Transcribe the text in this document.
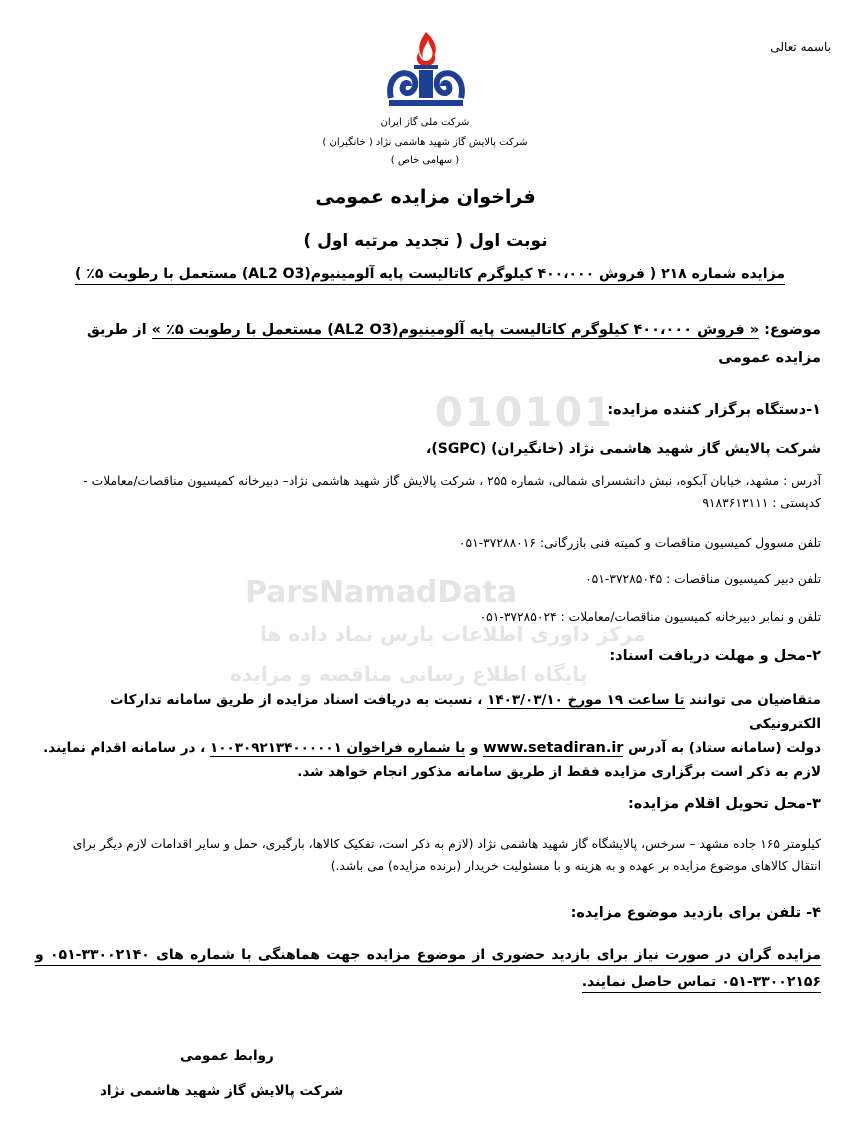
010101
ParsNamadData
مرکز داوری اطلاعات پارس نماد داده ها
پایگاه اطلاع رسانی مناقصه و مزایده
باسمه تعالی
شرکت ملی گاز ایران
شرکت پالایش گاز شهید هاشمی نژاد ( خانگیران )
( سهامی خاص )
فراخوان مزایده عمومی
نوبت اول ( تجدید مرتبه اول )
مزایده شماره ۲۱۸ ( فروش ۴۰۰،۰۰۰ کیلوگرم کاتالیست پایه آلومینیوم(AL2 O3) مستعمل با رطوبت ۵٪ )
موضوع: « فروش ۴۰۰،۰۰۰ کیلوگرم کاتالیست پایه آلومینیوم(AL2 O3) مستعمل با رطوبت ۵٪ » از طریق مزایده عمومی
۱-دستگاه برگزار کننده مزایده:
شرکت پالایش گاز شهید هاشمی نژاد (خانگیران) (SGPC)،
آدرس : مشهد، خیابان آبکوه، نبش دانشسرای شمالی، شماره ۲۵۵ ، شرکت پالایش گاز شهید هاشمی نژاد– دبیرخانه کمیسیون مناقصات/معاملات - کدپستی : ۹۱۸۳۶۱۳۱۱۱
تلفن مسوول کمیسیون مناقصات و کمیته فنی بازرگانی: ۳۷۲۸۸۰۱۶-۰۵۱
تلفن دبیر کمیسیون مناقصات : ۳۷۲۸۵۰۴۵-۰۵۱
تلفن و نمابر دبیرخانه کمیسیون مناقصات/معاملات : ۳۷۲۸۵۰۲۴-۰۵۱
۲-محل و مهلت دریافت اسناد:
متقاضیان می توانند تا ساعت ۱۹ مورخ ۱۴۰۳/۰۳/۱۰ ، نسبت به دریافت اسناد مزایده از طریق سامانه تدارکات الکترونیکی
دولت (سامانه ستاد) به آدرس www.setadiran.ir و با شماره فراخوان ۱۰۰۳۰۹۲۱۳۴۰۰۰۰۰۱ ، در سامانه اقدام نمایند.
لازم به ذکر است برگزاری مزایده فقط از طریق سامانه مذکور انجام خواهد شد.
۳-محل تحویل اقلام مزایده:
کیلومتر ۱۶۵ جاده مشهد – سرخس، پالایشگاه گاز شهید هاشمی نژاد (لازم به ذکر است، تفکیک کالاها، بارگیری، حمل و سایر اقدامات لازم دیگر برای انتقال کالاهای موضوع مزایده بر عهده و به هزینه و با مسئولیت خریدار (برنده مزایده) می باشد.)
۴- تلفن برای بازدید موضوع مزایده:
مزایده گران در صورت نیاز برای بازدید حضوری از موضوع مزایده جهت هماهنگی با شماره های ۳۳۰۰۲۱۴۰-۰۵۱ و ۳۳۰۰۲۱۵۶-۰۵۱ تماس حاصل نمایند.
روابط عمومی
شرکت پالایش گاز شهید هاشمی نژاد
